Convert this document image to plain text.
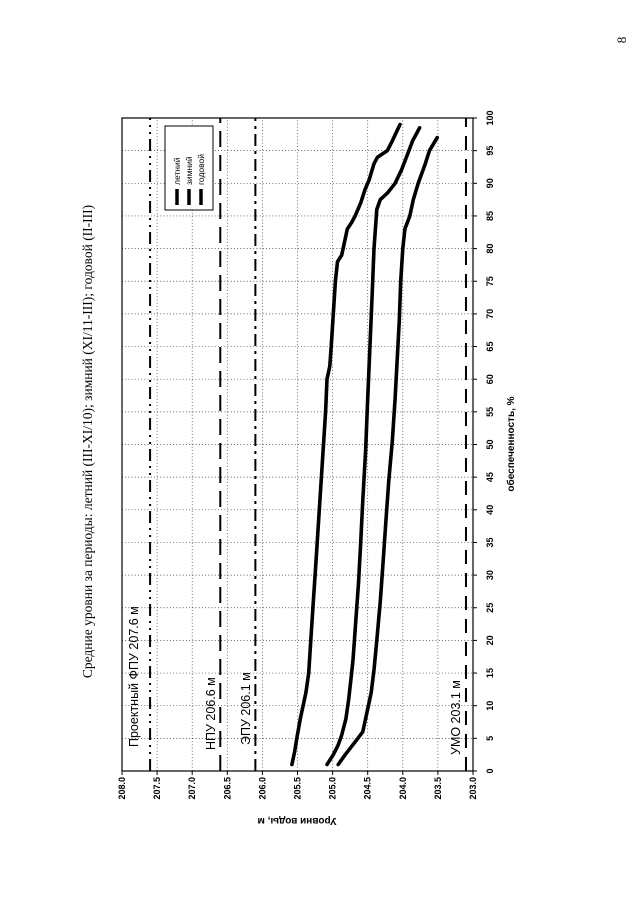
8
Средние уровни за периоды: летний (III-XI/10); зимний (XI/11-III); годовой (II-III)	Проектный ФПУ 207.6 м	НПУ 206.6 м ЭПУ 206.1 м	УМО 203.1 м
0
5
10
15
20
25
30
35
40
45
50
55
60
65
70
75
80
85
90
95
100
208.0	207.5	207.0	206.5	206.0	205.5	205.0	204.5	204.0	203.5	203.0
обеспеченность, %
Уровни воды, м
летний зимний годовой
